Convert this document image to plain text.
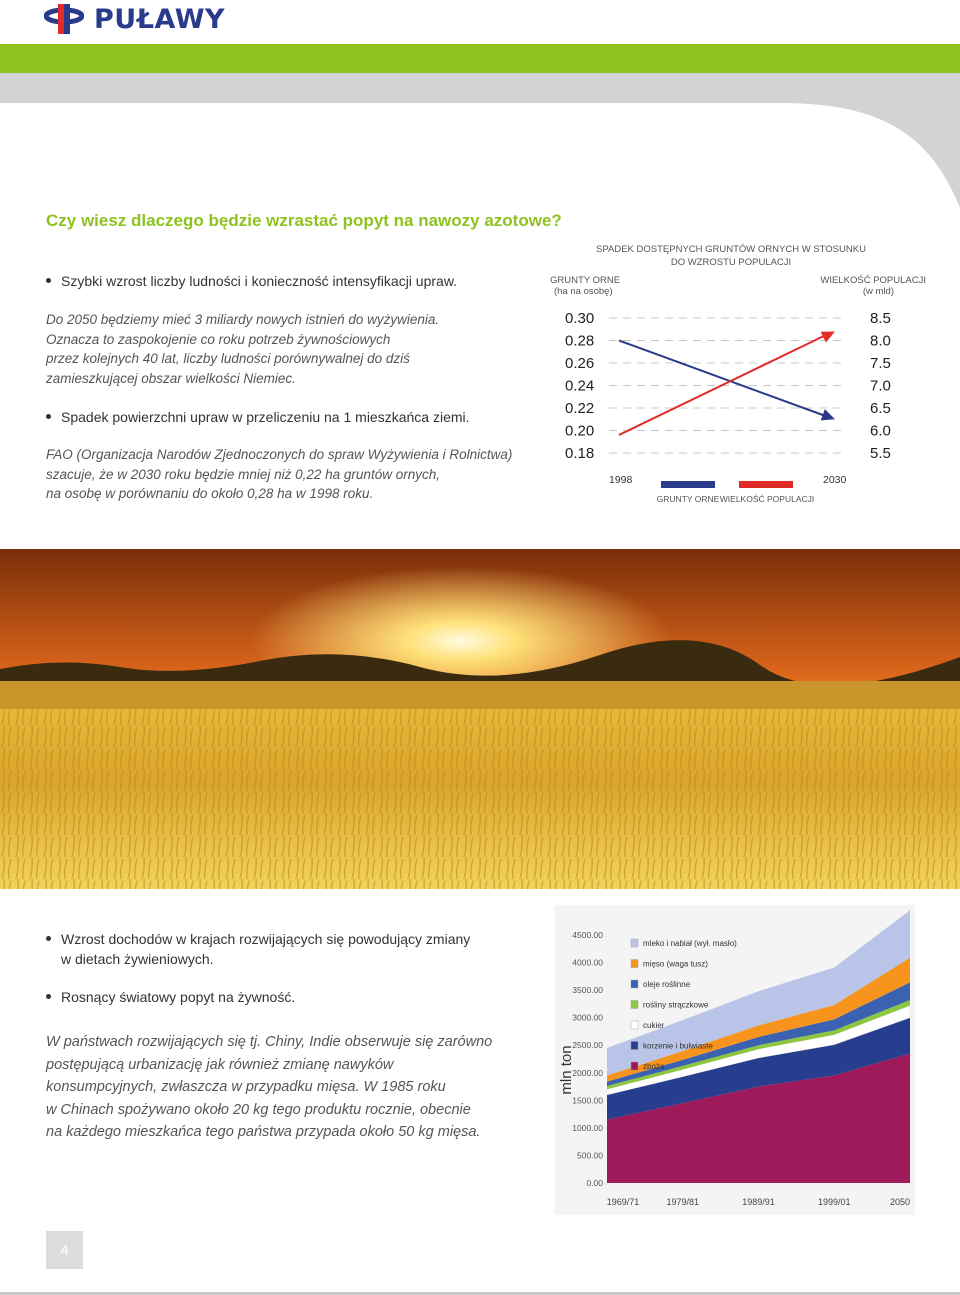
PUŁAWY
Czy wiesz dlaczego będzie wzrastać popyt na nawozy azotowe?
Szybki wzrost liczby ludności i konieczność intensyfikacji upraw.

Do 2050 będziemy mieć 3 miliardy nowych istnień do wyżywienia.

Oznacza to zaspokojenie co roku potrzeb żywnościowych

przez kolejnych 40 lat, liczby ludności porównywalnej do dziś

zamieszkującej obszar wielkości Niemiec.

Spadek powierzchni upraw w przeliczeniu na 1 mieszkańca ziemi.

FAO (Organizacja Narodów Zjednoczonych do spraw Wyżywienia i Rolnictwa)

szacuje, że w 2030 roku będzie mniej niż 0,22 ha gruntów ornych,

na osobę w porównaniu do około 0,28 ha w 1998 roku.

SPADEK DOSTĘPNYCH GRUNTÓW ORNYCH W STOSUNKU
DO WZROSTU POPULACJI
GRUNTY ORNE
(ha na osobę)
WIELKOŚĆ POPULACJI
(w mld)
0.30
0.28
0.26
0.24
0.22
0.20
0.18
8.5
8.0
7.5
7.0
6.5
6.0
5.5
1998	2030
GRUNTY ORNE WIELKOŚĆ POPULACJI
Wzrost dochodów w krajach rozwijających się powodujący zmiany w dietach żywieniowych.
Rosnący światowy popyt na żywność.

W państwach rozwijających się tj. Chiny, Indie obserwuje się zarówno

postępującą urbanizację jak również zmianę nawyków

konsumpcyjnych, zwłaszcza w przypadku mięsa. W 1985 roku

w Chinach spożywano około 20 kg tego produktu rocznie, obecnie

na każdego mieszkańca tego państwa przypada około 50 kg mięsa.

mln ton
4500.00
4000.00
3500.00
3000.00
2500.00
2000.00
1500.00
1000.00
500.00
0.00
1969/71	1979/81	1989/91	1999/01	2050
mleko i nabiał (wył. masło)
mięso (waga tusz)
oleje roślinne
rośliny strączkowe
cukier
korzenie i bulwiaste
zboża
4
